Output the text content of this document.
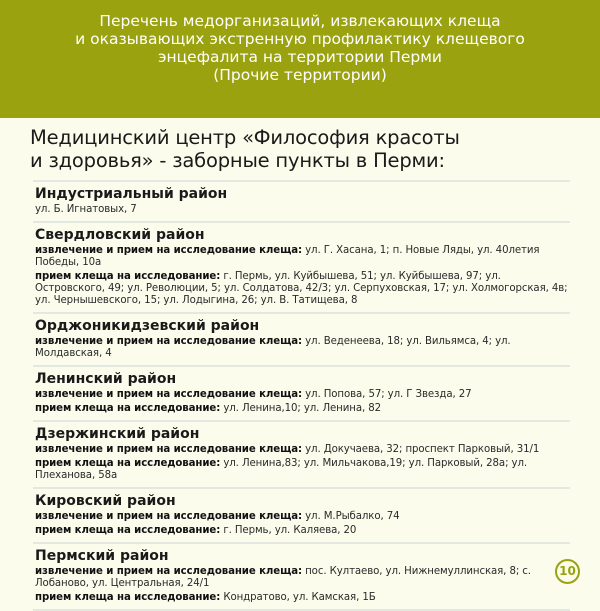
Перечень медорганизаций, извлекающих клеща
и оказывающих экстренную профилактику клещевого
энцефалита на территории Перми
(Прочие территории)
Медицинский центр «Философия красоты
и здоровья» - заборные пункты в Перми:
Индустриальный район

ул. Б. Игнатовых, 7

Свердловский район

извлечение и прием на исследование клеща: ул. Г. Хасана, 1; п. Новые Ляды, ул. 40летия Победы, 10а

прием клеща на исследование: г. Пермь, ул. Куйбышева, 51; ул. Куйбышева, 97; ул. Островского, 49; ул. Революции, 5; ул. Солдатова, 42/3; ул. Серпуховская, 17; ул. Холмогорская, 4в; ул. Чернышевского, 15; ул. Лодыгина, 26; ул. В. Татищева, 8

Орджоникидзевский район

извлечение и прием на исследование клеща: ул. Веденеева, 18; ул. Вильямса, 4; ул. Молдавская, 4

Ленинский район

извлечение и прием на исследование клеща: ул. Попова, 57; ул. Г Звезда, 27

прием клеща на исследование: ул. Ленина,10; ул. Ленина, 82

Дзержинский район

извлечение и прием на исследование клеща: ул. Докучаева, 32; проспект Парковый, 31/1

прием клеща на исследование: ул. Ленина,83; ул. Мильчакова,19; ул. Парковый, 28а; ул. Плеханова, 58а

Кировский район

извлечение и прием на исследование клеща: ул. М.Рыбалко, 74

прием клеща на исследование: г. Пермь, ул. Каляева, 20

Пермский район

извлечение и прием на исследование клеща: пос. Култаево, ул. Нижнемуллинская, 8; с. Лобаново, ул. Центральная, 24/1

прием клеща на исследование: Кондратово, ул. Камская, 1Б

10
